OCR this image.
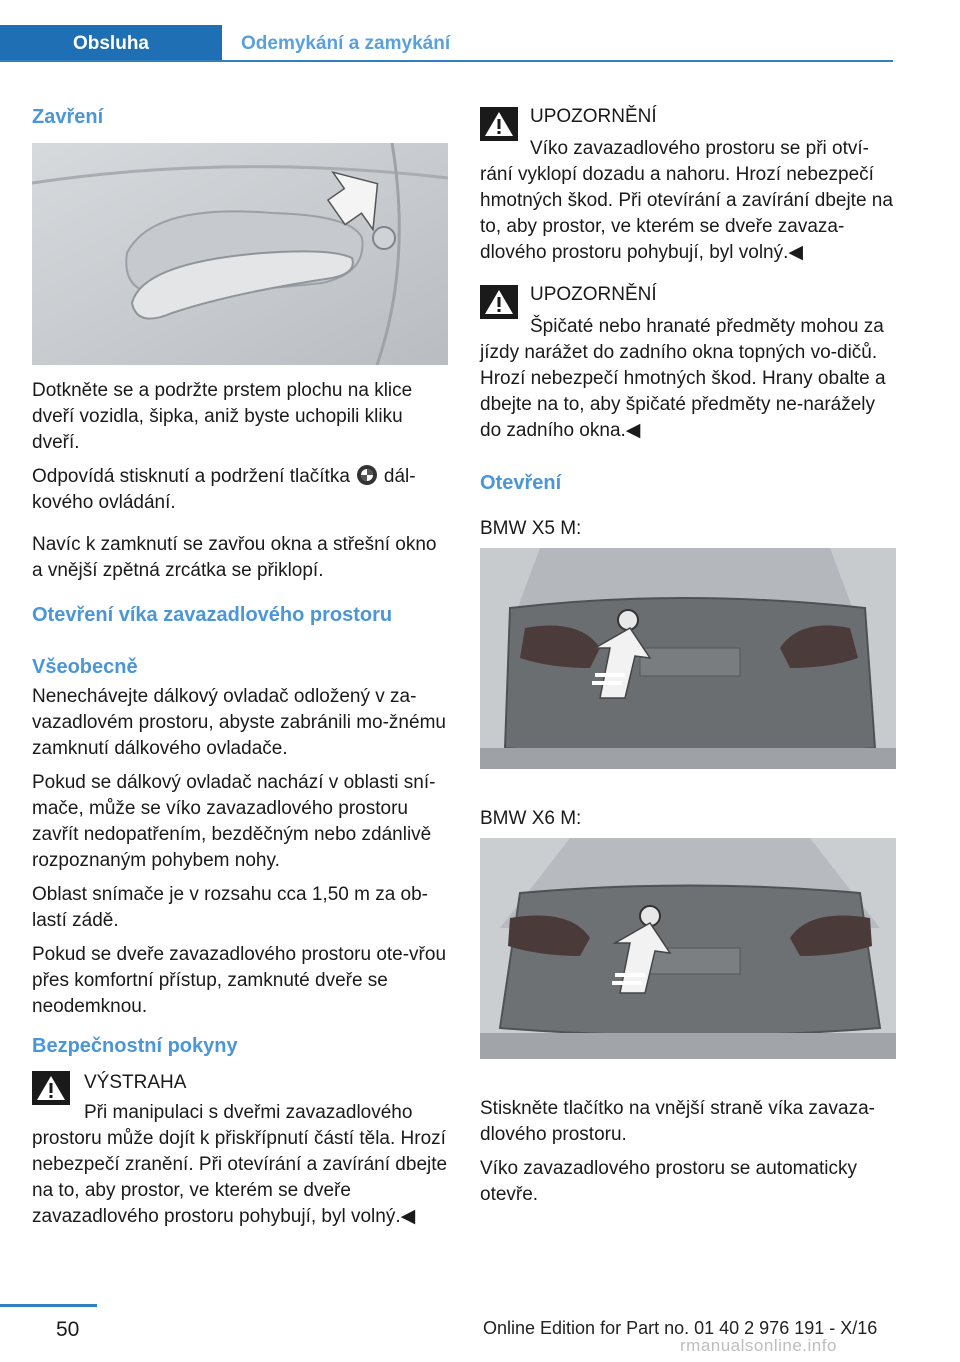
Obsluha	Odemykání a zamykání
Zavření

Dotkněte se a podržte prstem plochu na klice dveří vozidla, šipka, aniž byste uchopili kliku dveří.

Odpovídá stisknutí a podržení tlačítka dál-kového ovládání.

Navíc k zamknutí se zavřou okna a střešní okno a vnější zpětná zrcátka se přiklopí.

Otevření víka zavazadlového prostoru
Všeobecně

Nenechávejte dálkový ovladač odložený v za-vazadlovém prostoru, abyste zabránili mo-žnému zamknutí dálkového ovladače.

Pokud se dálkový ovladač nachází v oblasti sní-mače, může se víko zavazadlového prostoru zavřít nedopatřením, bezděčným nebo zdánlivě rozpoznaným pohybem nohy.

Oblast snímače je v rozsahu cca 1,50 m za ob-lastí zádě.

Pokud se dveře zavazadlového prostoru ote-vřou přes komfortní přístup, zamknuté dveře se neodemknou.

Bezpečnostní pokyny

VÝSTRAHA

Při manipulaci s dveřmi zavazadlového prostoru může dojít k přiskřípnutí částí těla. Hrozí nebezpečí zranění. Při otevírání a zavírání dbejte na to, aby prostor, ve kterém se dveře zavazadlového prostoru pohybují, byl volný.◀

UPOZORNĚNÍ

Víko zavazadlového prostoru se při otví-rání vyklopí dozadu a nahoru. Hrozí nebezpečí hmotných škod. Při otevírání a zavírání dbejte na to, aby prostor, ve kterém se dveře zavaza-dlového prostoru pohybují, byl volný.◀

UPOZORNĚNÍ

Špičaté nebo hranaté předměty mohou za jízdy narážet do zadního okna topných vo-dičů. Hrozí nebezpečí hmotných škod. Hrany obalte a dbejte na to, aby špičaté předměty ne-narážely do zadního okna.◀

Otevření

BMW X5 M:

BMW X6 M:

Stiskněte tlačítko na vnější straně víka zavaza-dlového prostoru.

Víko zavazadlového prostoru se automaticky otevře.

50	Online Edition for Part no. 01 40 2 976 191 - X/16
rmanualsonline.info
